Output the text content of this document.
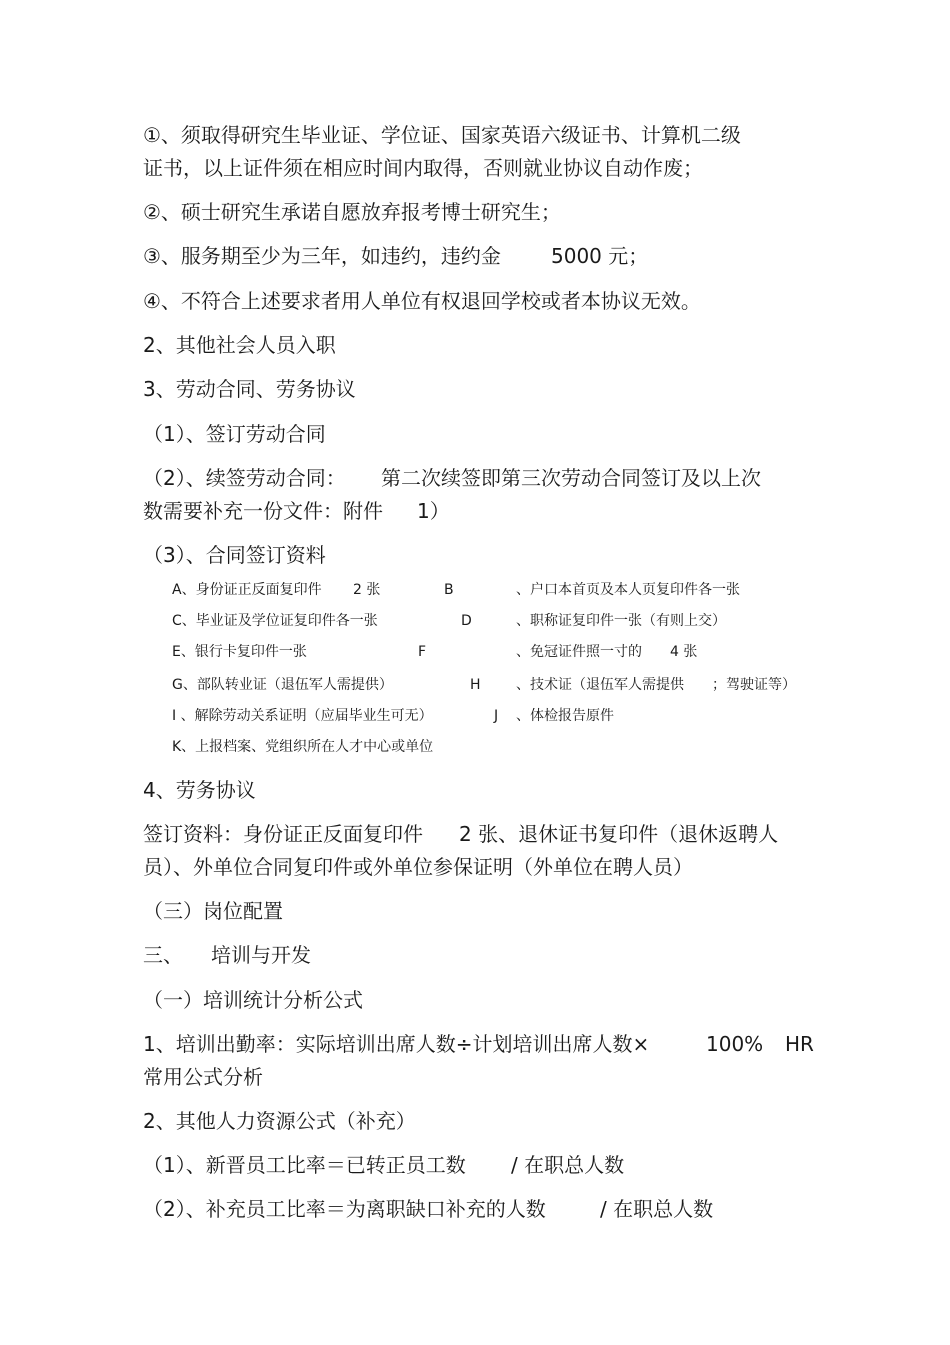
①、须取得研究生毕业证、学位证、国家英语六级证书、计算机二级
证书，以上证件须在相应时间内取得，否则就业协议自动作废；
②、硕士研究生承诺自愿放弃报考博士研究生；
③、服务期至少为三年，如违约，违约金	5000 元；
④、不符合上述要求者用人单位有权退回学校或者本协议无效。
2、其他社会人员入职
3、劳动合同、劳务协议
（1）、签订劳动合同
（2）、续签劳动合同： 第二次续签即第三次劳动合同签订及以上次
数需要补充一份文件：附件 1）
（3）、合同签订资料
A、身份证正反面复印件 2 张	B	、户口本首页及本人页复印件各一张
C、毕业证及学位证复印件各一张	D	、职称证复印件一张（有则上交）
E、银行卡复印件一张	F	、免冠证件照一寸的 4 张
G、部队转业证（退伍军人需提供）	H	、技术证（退伍军人需提供 ；驾驶证等）
I 、解除劳动关系证明（应届毕业生可无）	J 、体检报告原件
K、上报档案、党组织所在人才中心或单位
4、劳务协议
签订资料：身份证正反面复印件 2 张、退休证书复印件（退休返聘人
员）、外单位合同复印件或外单位参保证明（外单位在聘人员）
（三）岗位配置
三、 培训与开发
（一）培训统计分析公式
1、培训出勤率：实际培训出席人数÷计划培训出席人数×	100% HR
常用公式分析
2、其他人力资源公式（补充）
（1）、新晋员工比率＝已转正员工数 / 在职总人数
（2）、补充员工比率＝为离职缺口补充的人数	/ 在职总人数
